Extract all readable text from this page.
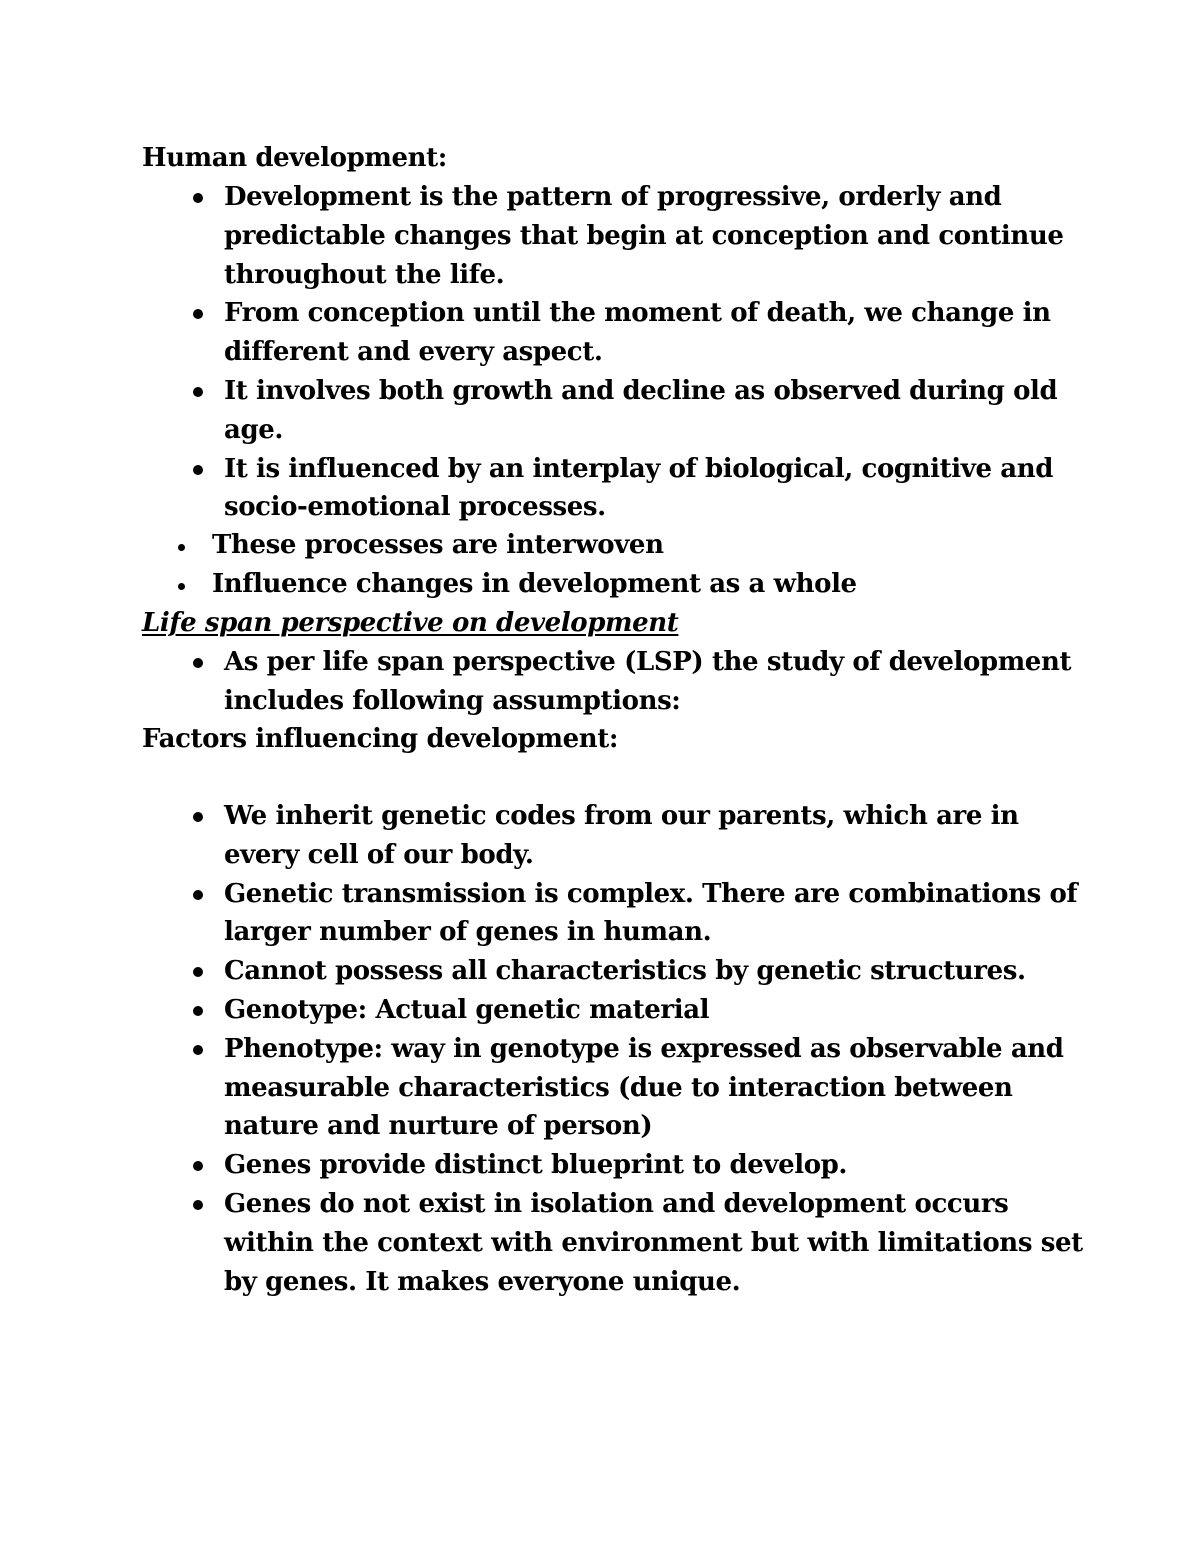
Human development:
Development is the pattern of progressive, orderly and predictable changes that begin at conception and continue throughout the life.
From conception until the moment of death, we change in different and every aspect.
It involves both growth and decline as observed during old age.
It is influenced by an interplay of biological, cognitive and socio-emotional processes.
These processes are interwoven
Influence changes in development as a whole
Life span perspective on development
As per life span perspective (LSP) the study of development includes following assumptions:
Factors influencing development:
We inherit genetic codes from our parents, which are in every cell of our body.
Genetic transmission is complex. There are combinations of larger number of genes in human.
Cannot possess all characteristics by genetic structures.
Genotype: Actual genetic material
Phenotype: way in genotype is expressed as observable and measurable characteristics (due to interaction between nature and nurture of person)
Genes provide distinct blueprint to develop.
Genes do not exist in isolation and development occurs within the context with environment but with limitations set by genes. It makes everyone unique.
